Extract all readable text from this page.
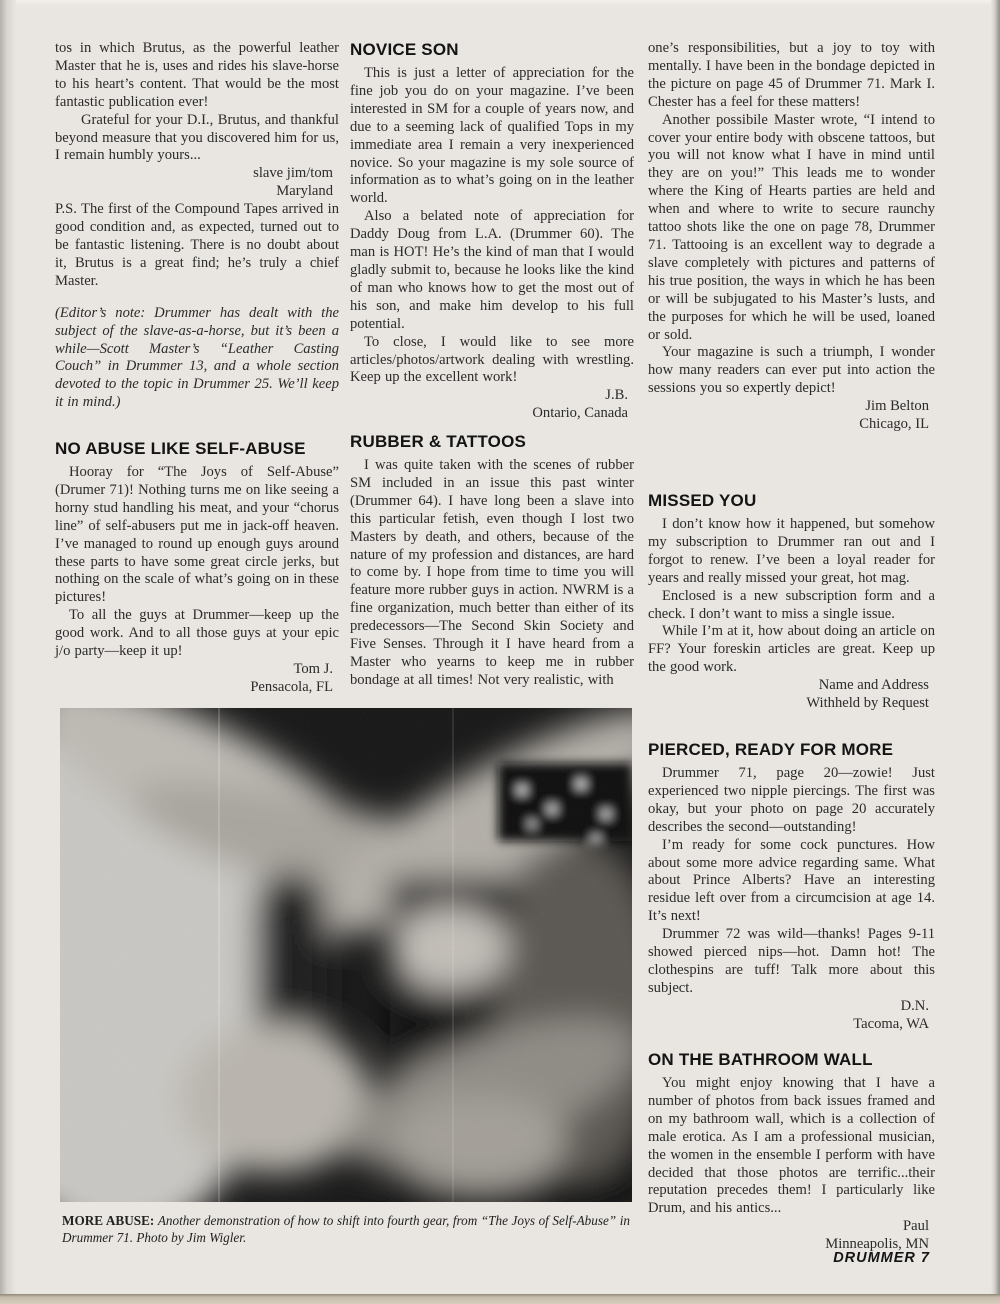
tos in which Brutus, as the powerful leather Master that he is, uses and rides his slave-horse to his heart’s content. That would be the most fantastic publication ever!

Grateful for your D.I., Brutus, and thankful beyond measure that you discovered him for us, I remain humbly yours...

slave jim/tom
Maryland

P.S. The first of the Compound Tapes arrived in good condition and, as expected, turned out to be fantastic listening. There is no doubt about it, Brutus is a great find; he’s truly a chief Master.

(Editor’s note: Drummer has dealt with the subject of the slave-as-a-horse, but it’s been a while—Scott Master’s “Leather Casting Couch” in Drummer 13, and a whole section devoted to the topic in Drummer 25. We’ll keep it in mind.)

NO ABUSE LIKE SELF-ABUSE

Hooray for “The Joys of Self-Abuse” (Drumer 71)! Nothing turns me on like seeing a horny stud handling his meat, and your “chorus line” of self-abusers put me in jack-off heaven. I’ve managed to round up enough guys around these parts to have some great circle jerks, but nothing on the scale of what’s going on in these pictures!

To all the guys at Drummer—keep up the good work. And to all those guys at your epic j/o party—keep it up!

Tom J.
Pensacola, FL

NOVICE SON

This is just a letter of appreciation for the fine job you do on your magazine. I’ve been interested in SM for a couple of years now, and due to a seeming lack of qualified Tops in my immediate area I remain a very inexperienced novice. So your magazine is my sole source of information as to what’s going on in the leather world.

Also a belated note of appreciation for Daddy Doug from L.A. (Drummer 60). The man is HOT! He’s the kind of man that I would gladly submit to, because he looks like the kind of man who knows how to get the most out of his son, and make him develop to his full potential.

To close, I would like to see more articles/photos/artwork dealing with wrestling. Keep up the excellent work!

J.B.
Ontario, Canada

RUBBER & TATTOOS

I was quite taken with the scenes of rubber SM included in an issue this past winter (Drummer 64). I have long been a slave into this particular fetish, even though I lost two Masters by death, and others, because of the nature of my profession and distances, are hard to come by. I hope from time to time you will feature more rubber guys in action. NWRM is a fine organization, much better than either of its predecessors—The Second Skin Society and Five Senses. Through it I have heard from a Master who yearns to keep me in rubber bondage at all times! Not very realistic, with

one’s responsibilities, but a joy to toy with mentally. I have been in the bondage depicted in the picture on page 45 of Drummer 71. Mark I. Chester has a feel for these matters!

Another possibile Master wrote, “I intend to cover your entire body with obscene tattoos, but you will not know what I have in mind until they are on you!” This leads me to wonder where the King of Hearts parties are held and when and where to write to secure raunchy tattoo shots like the one on page 78, Drummer 71. Tattooing is an excellent way to degrade a slave completely with pictures and patterns of his true position, the ways in which he has been or will be subjugated to his Master’s lusts, and the purposes for which he will be used, loaned or sold.

Your magazine is such a triumph, I wonder how many readers can ever put into action the sessions you so expertly depict!

Jim Belton
Chicago, IL

MISSED YOU

I don’t know how it happened, but somehow my subscription to Drummer ran out and I forgot to renew. I’ve been a loyal reader for years and really missed your great, hot mag.

Enclosed is a new subscription form and a check. I don’t want to miss a single issue.

While I’m at it, how about doing an article on FF? Your foreskin articles are great. Keep up the good work.

Name and Address
Withheld by Request

PIERCED, READY FOR MORE

Drummer 71, page 20—zowie! Just experienced two nipple piercings. The first was okay, but your photo on page 20 accurately describes the second—outstanding!

I’m ready for some cock punctures. How about some more advice regarding same. What about Prince Alberts? Have an interesting residue left over from a circumcision at age 14. It’s next!

Drummer 72 was wild—thanks! Pages 9-11 showed pierced nips—hot. Damn hot! The clothespins are tuff! Talk more about this subject.

D.N.
Tacoma, WA

ON THE BATHROOM WALL

You might enjoy knowing that I have a number of photos from back issues framed and on my bathroom wall, which is a collection of male erotica. As I am a professional musician, the women in the ensemble I perform with have decided that those photos are terrific...their reputation precedes them! I particularly like Drum, and his antics...

Paul
Minneapolis, MN

MORE ABUSE: Another demonstration of how to shift into fourth gear, from “The Joys of Self-Abuse” in Drummer 71. Photo by Jim Wigler.

DRUMMER 7
